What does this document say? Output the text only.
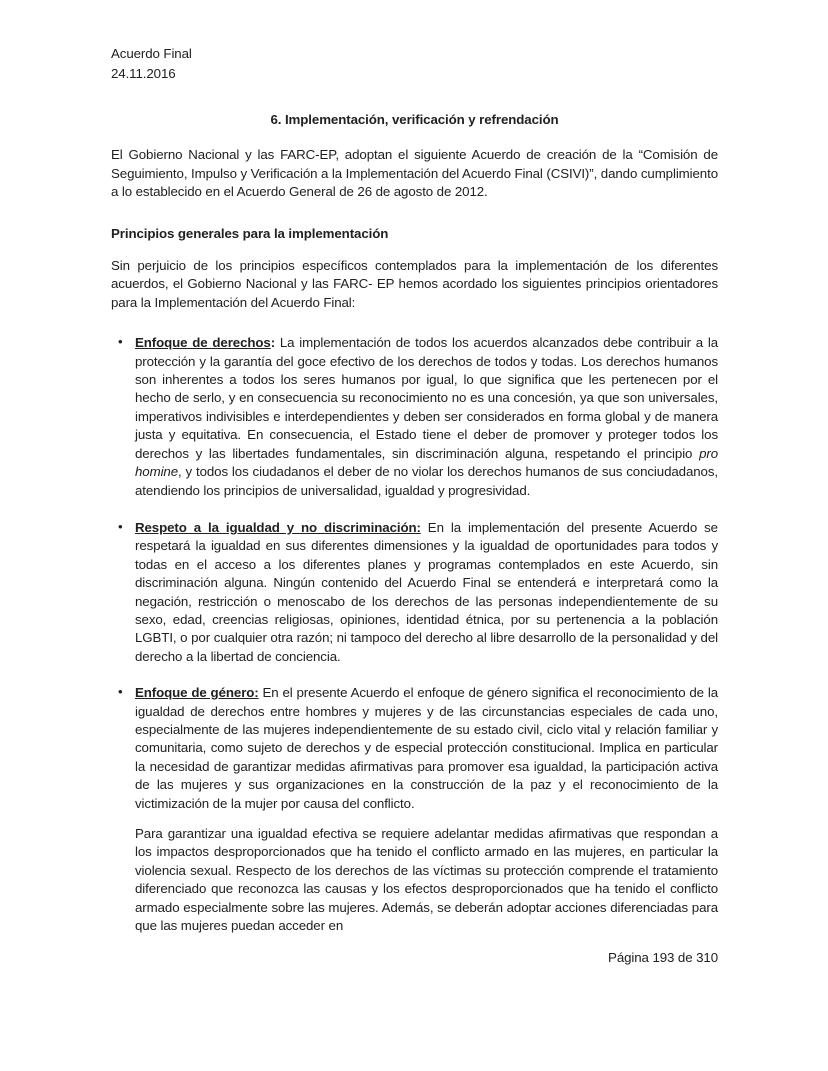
Acuerdo Final
24.11.2016
6. Implementación, verificación y refrendación

El Gobierno Nacional y las FARC-EP, adoptan el siguiente Acuerdo de creación de la “Comisión de Seguimiento, Impulso y Verificación a la Implementación del Acuerdo Final (CSIVI)”, dando cumplimiento a lo establecido en el Acuerdo General de 26 de agosto de 2012.

Principios generales para la implementación

Sin perjuicio de los principios específicos contemplados para la implementación de los diferentes acuerdos, el Gobierno Nacional y las FARC- EP hemos acordado los siguientes principios orientadores para la Implementación del Acuerdo Final:

• Enfoque de derechos: La implementación de todos los acuerdos alcanzados debe contribuir a la protección y la garantía del goce efectivo de los derechos de todos y todas. Los derechos humanos son inherentes a todos los seres humanos por igual, lo que significa que les pertenecen por el hecho de serlo, y en consecuencia su reconocimiento no es una concesión, ya que son universales, imperativos indivisibles e interdependientes y deben ser considerados en forma global y de manera justa y equitativa. En consecuencia, el Estado tiene el deber de promover y proteger todos los derechos y las libertades fundamentales, sin discriminación alguna, respetando el principio pro homine, y todos los ciudadanos el deber de no violar los derechos humanos de sus conciudadanos, atendiendo los principios de universalidad, igualdad y progresividad.
• Respeto a la igualdad y no discriminación: En la implementación del presente Acuerdo se respetará la igualdad en sus diferentes dimensiones y la igualdad de oportunidades para todos y todas en el acceso a los diferentes planes y programas contemplados en este Acuerdo, sin discriminación alguna. Ningún contenido del Acuerdo Final se entenderá e interpretará como la negación, restricción o menoscabo de los derechos de las personas independientemente de su sexo, edad, creencias religiosas, opiniones, identidad étnica, por su pertenencia a la población LGBTI, o por cualquier otra razón; ni tampoco del derecho al libre desarrollo de la personalidad y del derecho a la libertad de conciencia.
• Enfoque de género: En el presente Acuerdo el enfoque de género significa el reconocimiento de la igualdad de derechos entre hombres y mujeres y de las circunstancias especiales de cada uno, especialmente de las mujeres independientemente de su estado civil, ciclo vital y relación familiar y comunitaria, como sujeto de derechos y de especial protección constitucional. Implica en particular la necesidad de garantizar medidas afirmativas para promover esa igualdad, la participación activa de las mujeres y sus organizaciones en la construcción de la paz y el reconocimiento de la victimización de la mujer por causa del conflicto.

Para garantizar una igualdad efectiva se requiere adelantar medidas afirmativas que respondan a los impactos desproporcionados que ha tenido el conflicto armado en las mujeres, en particular la violencia sexual. Respecto de los derechos de las víctimas su protección comprende el tratamiento diferenciado que reconozca las causas y los efectos desproporcionados que ha tenido el conflicto armado especialmente sobre las mujeres. Además, se deberán adoptar acciones diferenciadas para que las mujeres puedan acceder en

Página 193 de 310
